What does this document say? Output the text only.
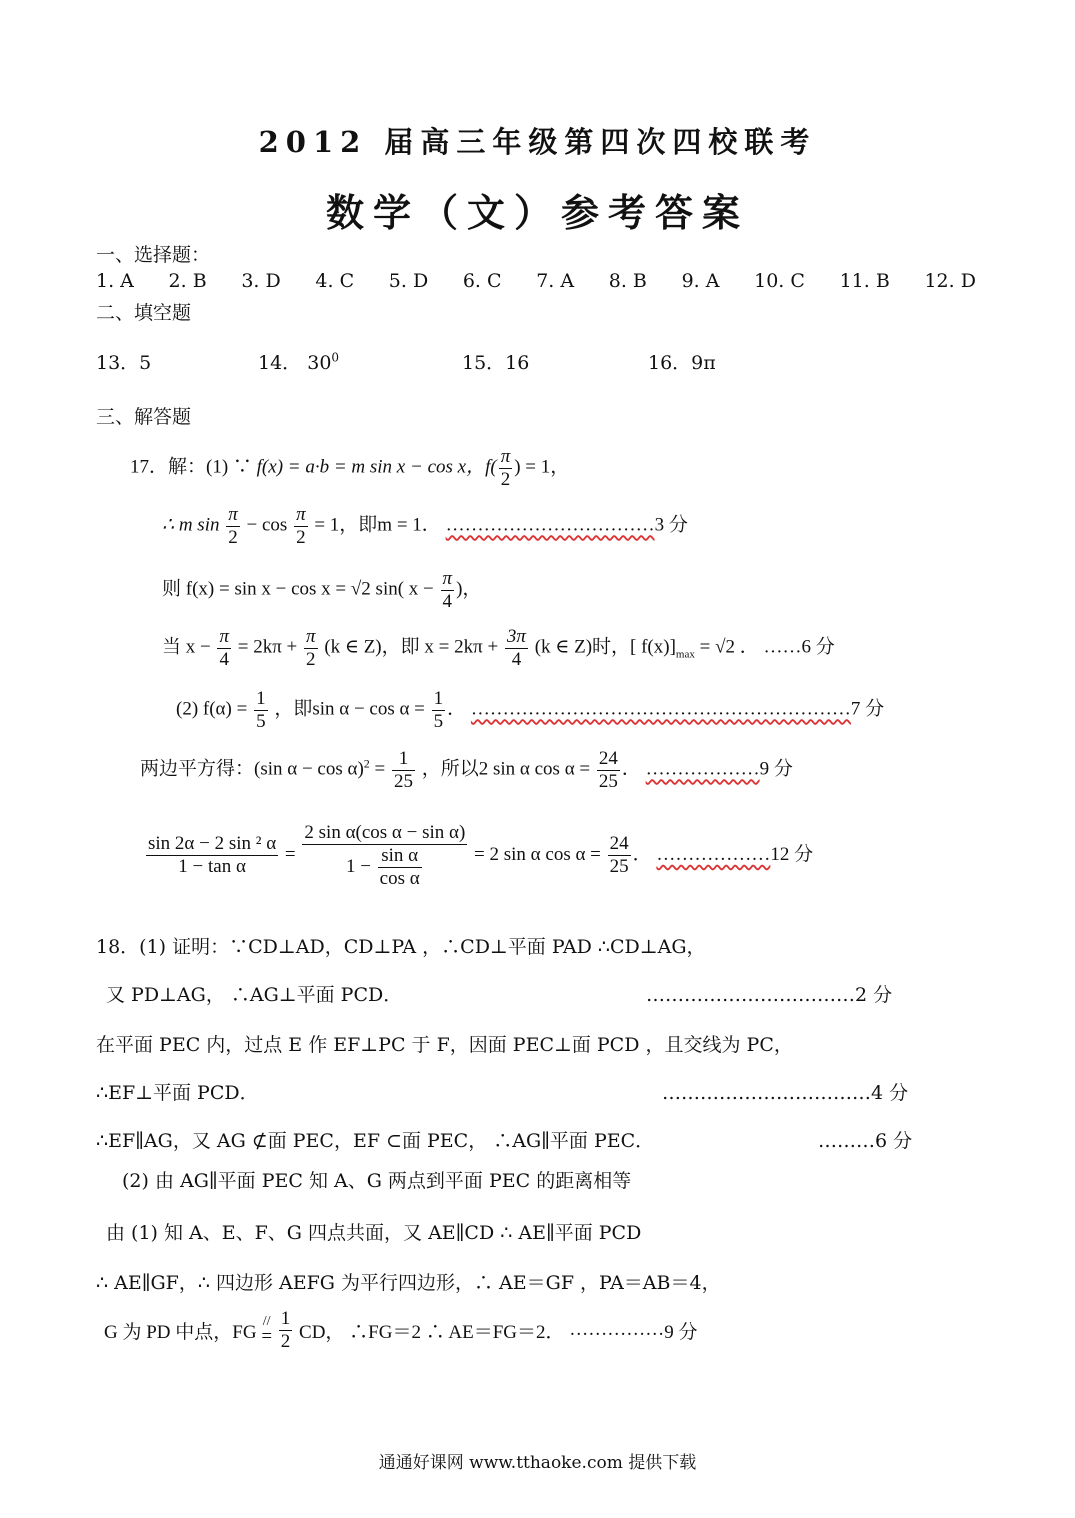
2012 届高三年级第四次四校联考
数学（文）参考答案
一、选择题：
1. A 2. B 3. D 4. C 5. D 6. C 7. A 8. B 9. A 10. C 11. B 12. D
二、填空题
13．5	14． $30^0$	15．16	16．9π
三、解答题
17．解：(1) ∵ f(x) = a·b = m sin x − cos x，$f( \frac{\pi}{2}$ ) = 1，
∴ m $\sin \frac{\pi}{2} - \cos \frac{\pi}{2} = 1$，即m = 1． ……………………………3 分
则 f(x) = sin x − cos x = √2 sin( $x - \frac{\pi}{4}$ )，
当 $x - \frac{\pi}{4} = 2k\pi + \frac{\pi}{2} (k$ ∈ Z)，即 $x = 2k\pi + \frac{3\pi}{4} (k$ ∈ Z)时，[ $f(x)]_{max} = √2$ ． ……6 分
(2) $f(\alpha) = \frac{1}{5}$ ，即$\sin \alpha - \cos \alpha = \frac{1}{5}$ ． ……………………………………………………7 分
两边平方得：(sin $\alpha - \cos \alpha)^2 = \frac{1}{25}$ ，所以2 sin α $\cos \alpha = \frac{24}{25}$ ． ………………9 分
$\frac{\text{sin 2α − 2 sin ² α}}{\text{1 − tan α}} = \frac{\text{2 sin α(cos α − sin α)}}{1 - \frac{\text{sin α}}{\text{cos α}}} = 2$ sin α $\cos \alpha = \frac{24}{25}$ ． ………………12 分
18．(1) 证明：∵CD⊥AD，CD⊥PA ，∴CD⊥平面 PAD ∴CD⊥AG，
又 PD⊥AG， ∴AG⊥平面 PCD．	……………………………2 分
在平面 PEC 内，过点 E 作 EF⊥PC 于 F，因面 PEC⊥面 PCD ，且交线为 PC，
∴EF⊥平面 PCD．	……………………………4 分
∴EF∥AG，又 AG ⊄面 PEC，EF ⊂面 PEC， ∴AG∥平面 PEC．	………6 分
(2) 由 AG∥平面 PEC 知 A、G 两点到平面 PEC 的距离相等
由 (1) 知 A、E、F、G 四点共面，又 AE∥CD ∴ AE∥平面 PCD
∴ AE∥GF，∴ 四边形 AEFG 为平行四边形，∴ AE＝GF ，PA＝AB＝4，
G 为 PD 中点，FG
//
=
$\frac{1}{2}$ CD， ∴FG＝2 ∴ AE＝FG＝2． ……………9 分
通通好课网 www.tthaoke.com 提供下载
